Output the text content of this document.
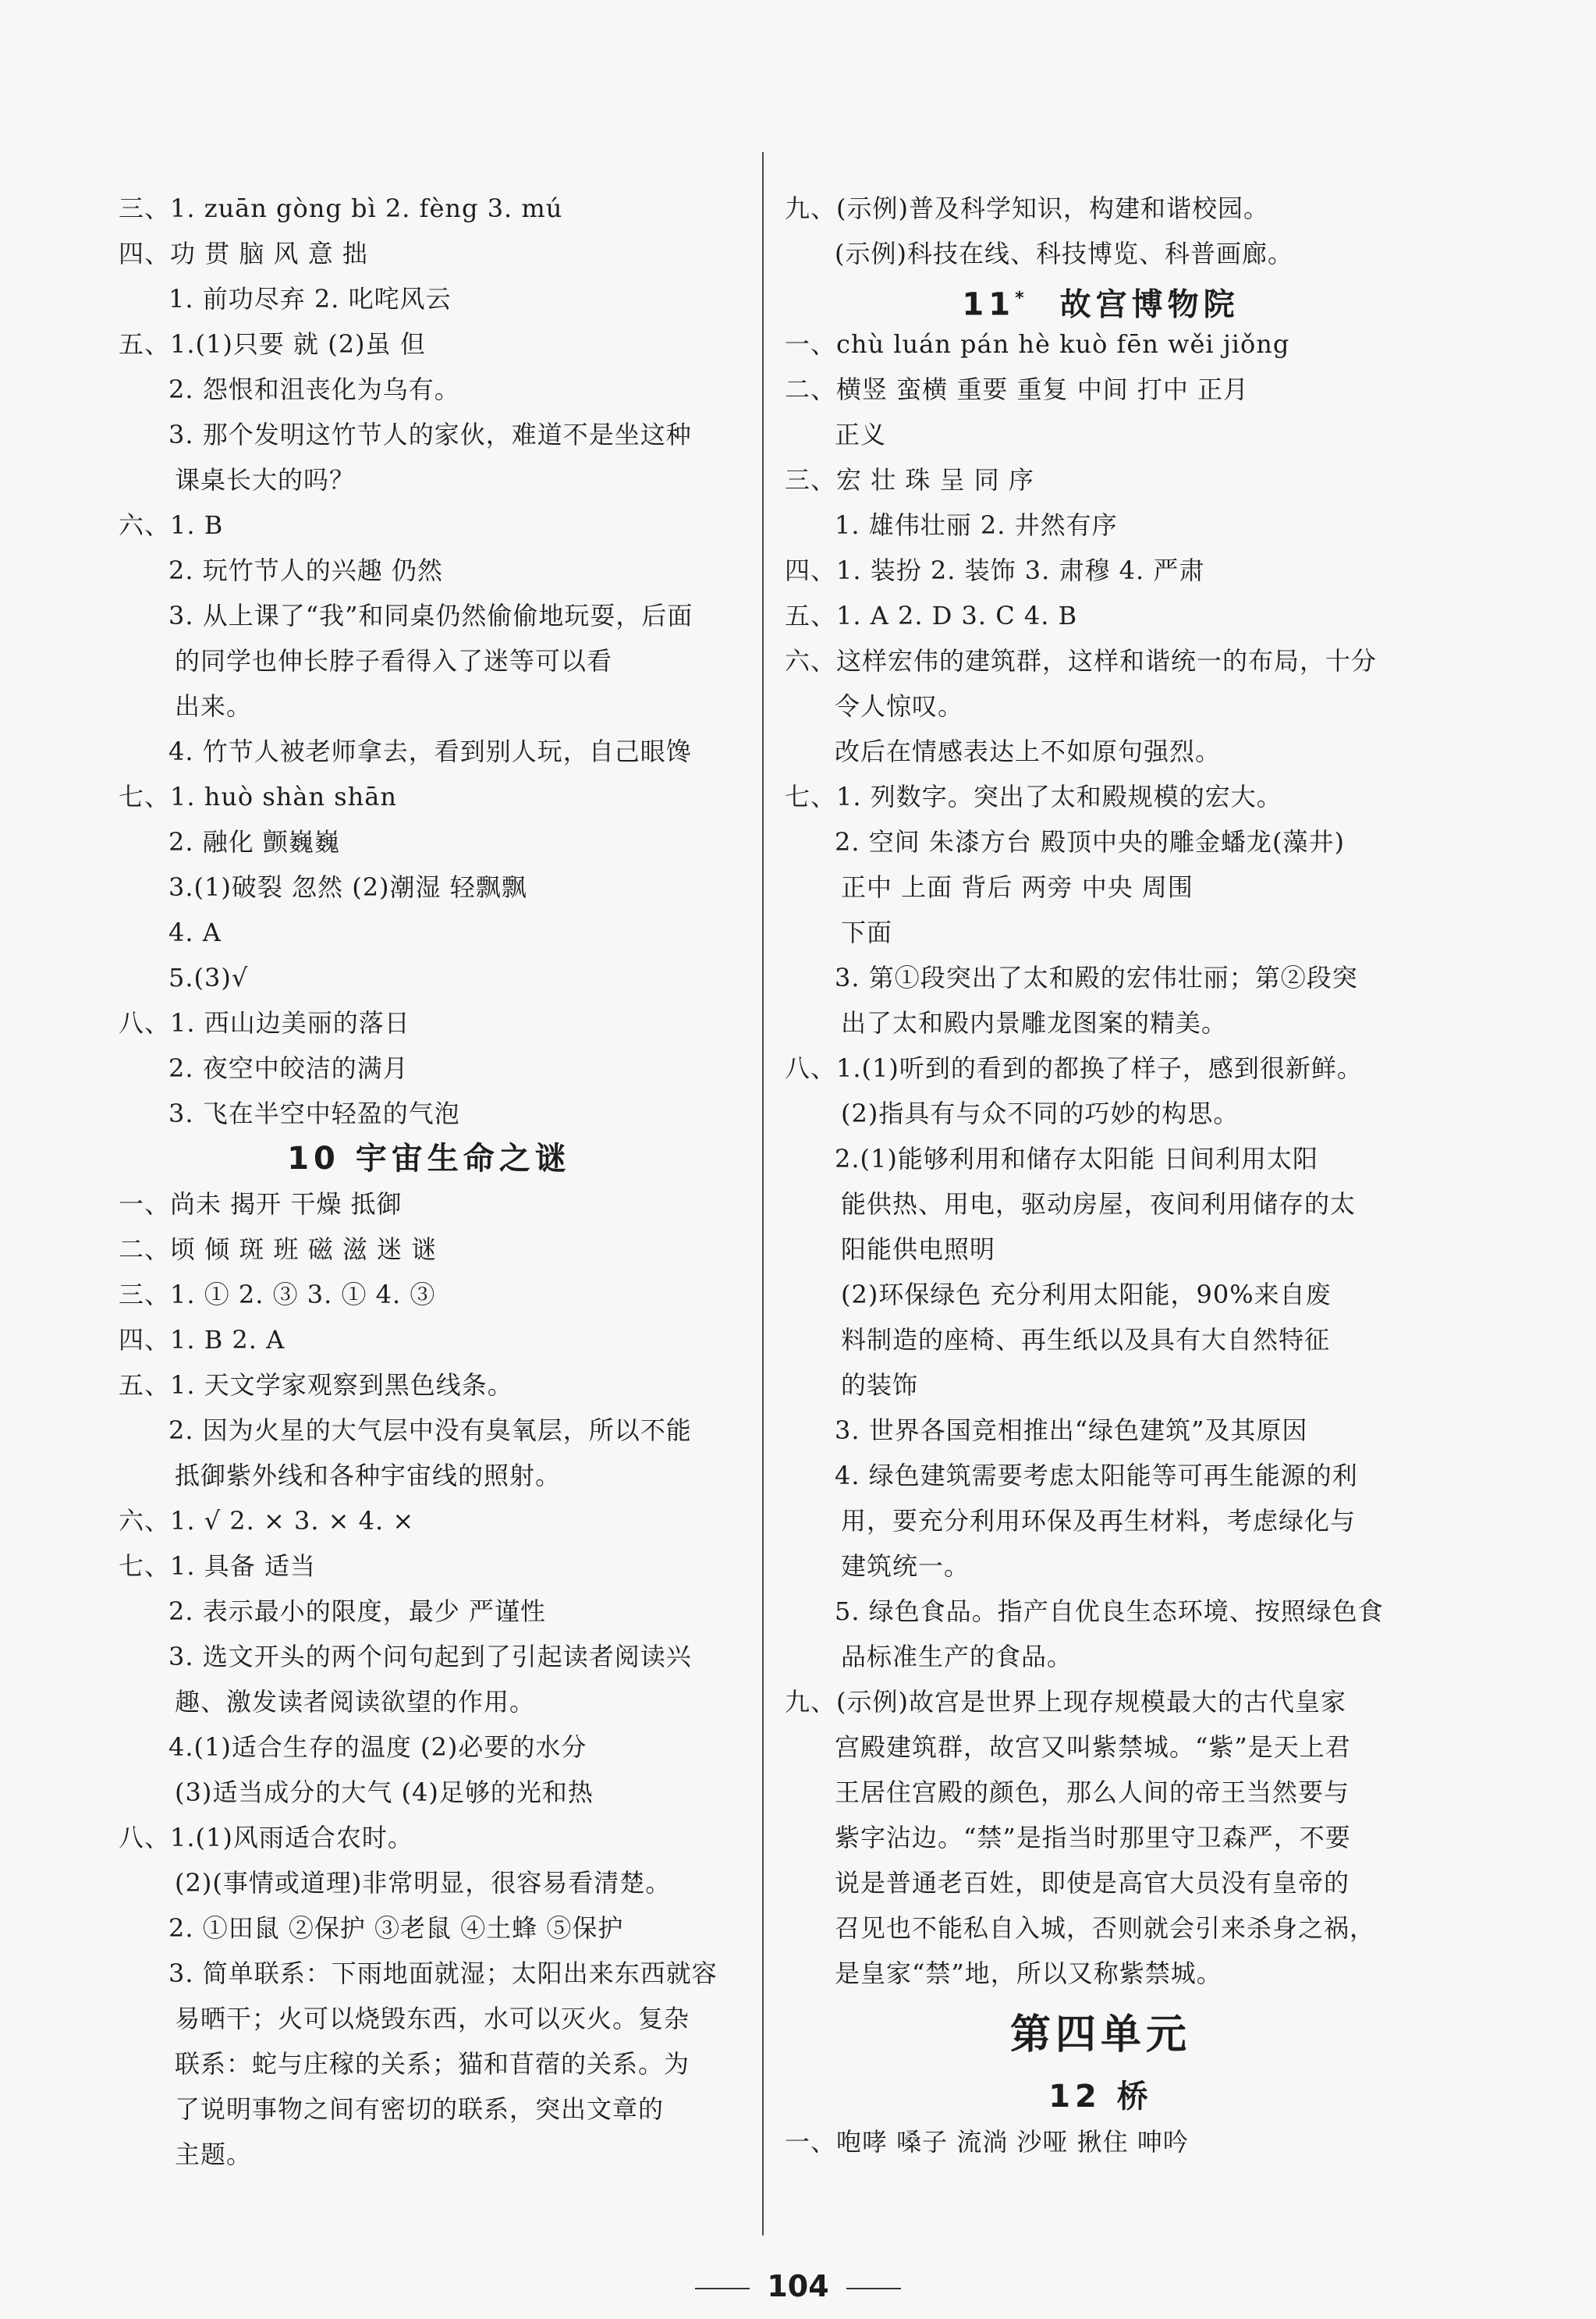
三、1. zuān gòng bì 2. fèng 3. mú
四、功 贯 脑 风 意 拙
1. 前功尽弃 2. 叱咤风云
五、1.(1)只要 就 (2)虽 但
2. 怨恨和沮丧化为乌有。
3. 那个发明这竹节人的家伙，难道不是坐这种
课桌长大的吗？
六、1. B
2. 玩竹节人的兴趣 仍然
3. 从上课了“我”和同桌仍然偷偷地玩耍，后面
的同学也伸长脖子看得入了迷等可以看
出来。
4. 竹节人被老师拿去，看到别人玩，自己眼馋
七、1. huò shàn shān
2. 融化 颤巍巍
3.(1)破裂 忽然 (2)潮湿 轻飘飘
4. A
5.(3)√
八、1. 西山边美丽的落日
2. 夜空中皎洁的满月
3. 飞在半空中轻盈的气泡
10 宇宙生命之谜
一、尚未 揭开 干燥 抵御
二、顷 倾 斑 班 磁 滋 迷 谜
三、1. ① 2. ③ 3. ① 4. ③
四、1. B 2. A
五、1. 天文学家观察到黑色线条。
2. 因为火星的大气层中没有臭氧层，所以不能
抵御紫外线和各种宇宙线的照射。
六、1. √ 2. × 3. × 4. ×
七、1. 具备 适当
2. 表示最小的限度，最少 严谨性
3. 选文开头的两个问句起到了引起读者阅读兴
趣、激发读者阅读欲望的作用。
4.(1)适合生存的温度 (2)必要的水分
(3)适当成分的大气 (4)足够的光和热
八、1.(1)风雨适合农时。
(2)(事情或道理)非常明显，很容易看清楚。
2. ①田鼠 ②保护 ③老鼠 ④土蜂 ⑤保护
3. 简单联系：下雨地面就湿；太阳出来东西就容
易晒干；火可以烧毁东西，水可以灭火。复杂
联系：蛇与庄稼的关系；猫和苜蓿的关系。为
了说明事物之间有密切的联系，突出文章的
主题。
九、(示例)普及科学知识，构建和谐校园。
(示例)科技在线、科技博览、科普画廊。
11*  故宫博物院
一、chù luán pán hè kuò fēn wěi jiǒng
二、横竖 蛮横 重要 重复 中间 打中 正月
正义
三、宏 壮 珠 呈 同 序
1. 雄伟壮丽 2. 井然有序
四、1. 装扮 2. 装饰 3. 肃穆 4. 严肃
五、1. A 2. D 3. C 4. B
六、这样宏伟的建筑群，这样和谐统一的布局，十分
令人惊叹。
改后在情感表达上不如原句强烈。
七、1. 列数字。突出了太和殿规模的宏大。
2. 空间 朱漆方台 殿顶中央的雕金蟠龙(藻井)
正中 上面 背后 两旁 中央 周围
下面
3. 第①段突出了太和殿的宏伟壮丽；第②段突
出了太和殿内景雕龙图案的精美。
八、1.(1)听到的看到的都换了样子，感到很新鲜。
(2)指具有与众不同的巧妙的构思。
2.(1)能够利用和储存太阳能 日间利用太阳
能供热、用电，驱动房屋，夜间利用储存的太
阳能供电照明
(2)环保绿色 充分利用太阳能，90%来自废
料制造的座椅、再生纸以及具有大自然特征
的装饰
3. 世界各国竞相推出“绿色建筑”及其原因
4. 绿色建筑需要考虑太阳能等可再生能源的利
用，要充分利用环保及再生材料，考虑绿化与
建筑统一。
5. 绿色食品。指产自优良生态环境、按照绿色食
品标准生产的食品。
九、(示例)故宫是世界上现存规模最大的古代皇家
宫殿建筑群，故宫又叫紫禁城。“紫”是天上君
王居住宫殿的颜色，那么人间的帝王当然要与
紫字沾边。“禁”是指当时那里守卫森严，不要
说是普通老百姓，即使是高官大员没有皇帝的
召见也不能私自入城，否则就会引来杀身之祸，
是皇家“禁”地，所以又称紫禁城。
第四单元
12 桥
一、咆哮 嗓子 流淌 沙哑 揪住 呻吟
104
